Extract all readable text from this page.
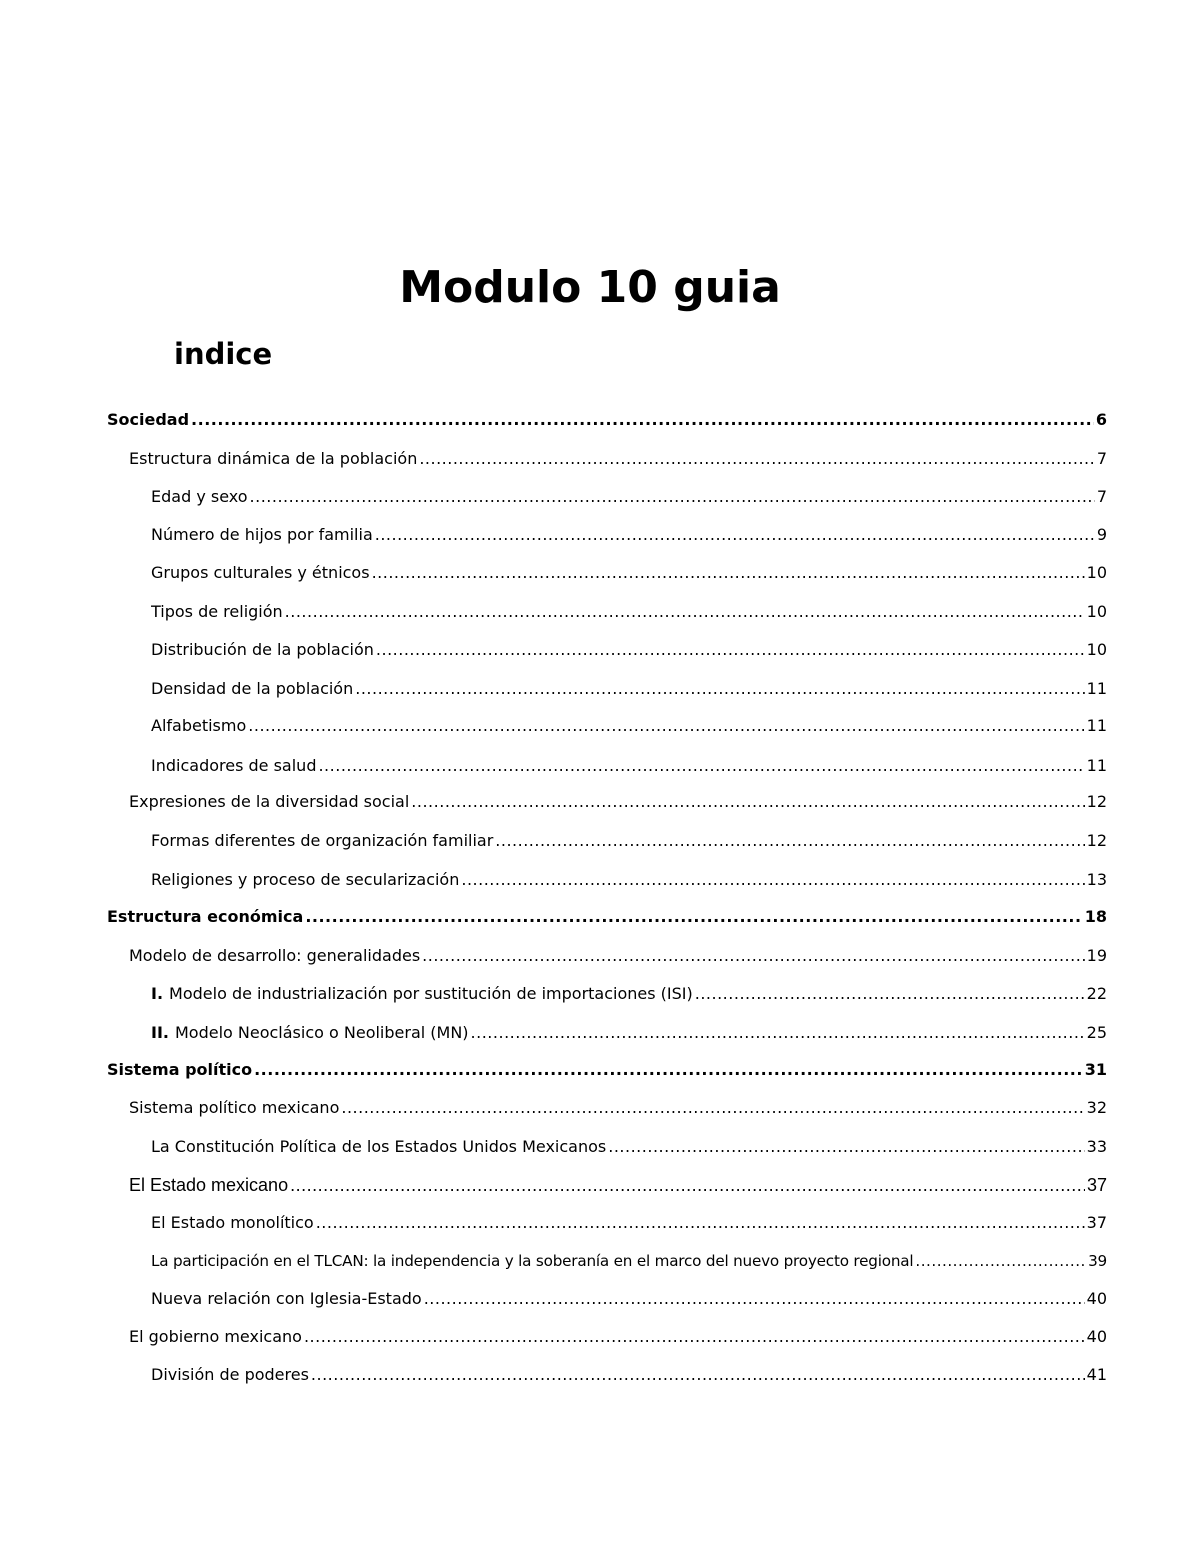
Modulo 10 guia
indice
Sociedad .....	6
Estructura dinámica de la población .....	7
Edad y sexo .....	7
Número de hijos por familia .....	9
Grupos culturales y étnicos .....	10
Tipos de religión .....	10
Distribución de la población .....	10
Densidad de la población .....	11
Alfabetismo .....	11
Indicadores de salud .....	11
Expresiones de la diversidad social .....	12
Formas diferentes de organización familiar .....	12
Religiones y proceso de secularización .....	13
Estructura económica .....	18
Modelo de desarrollo: generalidades .....	19
I. Modelo de industrialización por sustitución de importaciones (ISI) .....	22
II. Modelo Neoclásico o Neoliberal (MN) .....	25
Sistema político .....	31
Sistema político mexicano .....	32
La Constitución Política de los Estados Unidos Mexicanos .....	33
El Estado mexicano .....	37
El Estado monolítico .....	37
La participación en el TLCAN: la independencia y la soberanía en el marco del nuevo proyecto regional .....	39
Nueva relación con Iglesia-Estado .....	40
El gobierno mexicano .....	40
División de poderes .....	41
